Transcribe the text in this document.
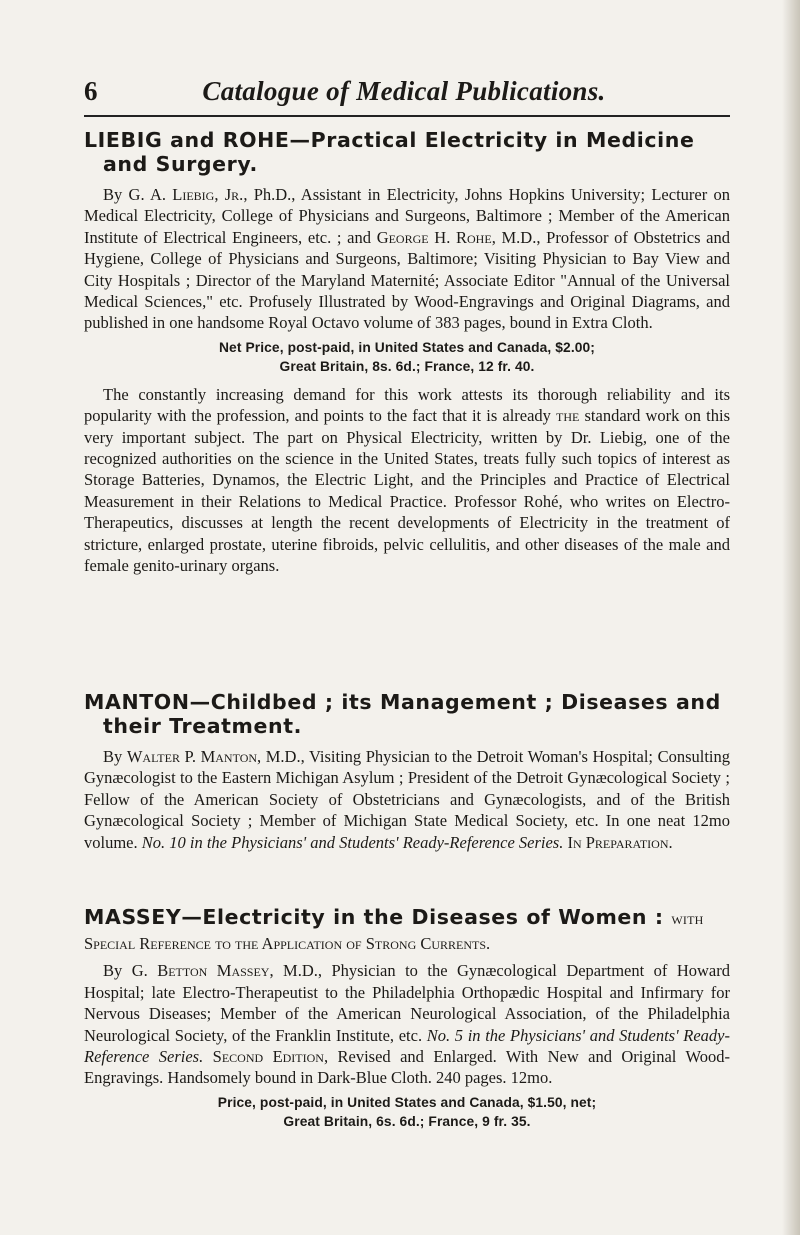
6	Catalogue of Medical Publications.
LIEBIG and ROHE—Practical Electricity in Medicine
and Surgery.

By G. A. Liebig, Jr., Ph.D., Assistant in Electricity, Johns Hopkins University; Lecturer on Medical Electricity, College of Physicians and Surgeons, Baltimore ; Member of the American Institute of Electrical Engineers, etc. ; and George H. Rohe, M.D., Professor of Obstetrics and Hygiene, College of Physicians and Surgeons, Baltimore; Visiting Physician to Bay View and City Hospitals ; Director of the Maryland Maternité; Associate Editor "Annual of the Universal Medical Sciences," etc. Profusely Illustrated by Wood-Engravings and Original Diagrams, and published in one handsome Royal Octavo volume of 383 pages, bound in Extra Cloth.

Net Price, post-paid, in United States and Canada, $2.00;
Great Britain, 8s. 6d.; France, 12 fr. 40.

The constantly increasing demand for this work attests its thorough reliability and its popularity with the profession, and points to the fact that it is already the standard work on this very important subject. The part on Physical Electricity, written by Dr. Liebig, one of the recognized authorities on the science in the United States, treats fully such topics of interest as Storage Batteries, Dynamos, the Electric Light, and the Principles and Practice of Electrical Measurement in their Relations to Medical Practice. Professor Rohé, who writes on Electro-Therapeutics, discusses at length the recent developments of Electricity in the treatment of stricture, enlarged prostate, uterine fibroids, pelvic cellulitis, and other diseases of the male and female genito-urinary organs.

MANTON—Childbed ; its Management ; Diseases and
their Treatment.

By Walter P. Manton, M.D., Visiting Physician to the Detroit Woman's Hospital; Consulting Gynæcologist to the Eastern Michigan Asylum ; President of the Detroit Gynæcological Society ; Fellow of the American Society of Obstetricians and Gynæcologists, and of the British Gynæcological Society ; Member of Michigan State Medical Society, etc. In one neat 12mo volume. No. 10 in the Physicians' and Students' Ready-Reference Series. In Preparation.

MASSEY—Electricity in the Diseases of Women : with

Special Reference to the Application of Strong Currents.

By G. Betton Massey, M.D., Physician to the Gynæcological Department of Howard Hospital; late Electro-Therapeutist to the Philadelphia Orthopædic Hospital and Infirmary for Nervous Diseases; Member of the American Neurological Association, of the Philadelphia Neurological Society, of the Franklin Institute, etc. No. 5 in the Physicians' and Students' Ready-Reference Series. Second Edition, Revised and Enlarged. With New and Original Wood-Engravings. Handsomely bound in Dark-Blue Cloth. 240 pages. 12mo.

Price, post-paid, in United States and Canada, $1.50, net;
Great Britain, 6s. 6d.; France, 9 fr. 35.
